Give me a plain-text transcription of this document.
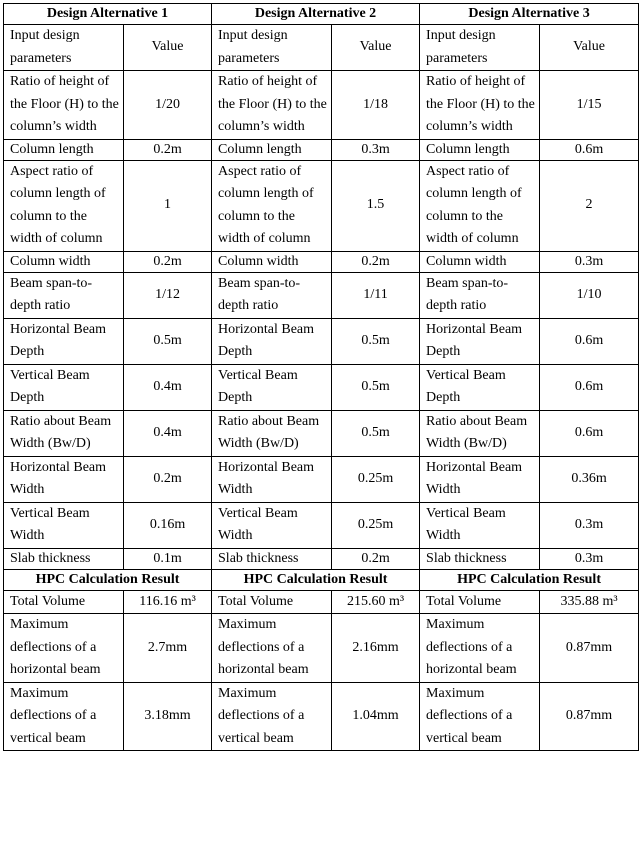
Design Alternative 1		Design Alternative 2		Design Alternative 3	
Input design parameters	Value	Input design parameters	Value	Input design parameters	Value
Ratio of height of the Floor (H) to the column’s width	1/20	Ratio of height of the Floor (H) to the column’s width	1/18	Ratio of height of the Floor (H) to the column’s width	1/15
Column length	0.2m	Column length	0.3m	Column length	0.6m
Aspect ratio of column length of column to the width of column	1	Aspect ratio of column length of column to the width of column	1.5	Aspect ratio of column length of column to the width of column	2
Column width	0.2m	Column width	0.2m	Column width	0.3m
Beam span-to-depth ratio	1/12	Beam span-to-depth ratio	1/11	Beam span-to-depth ratio	1/10
Horizontal Beam Depth	0.5m	Horizontal Beam Depth	0.5m	Horizontal Beam Depth	0.6m
Vertical Beam Depth	0.4m	Vertical Beam Depth	0.5m	Vertical Beam Depth	0.6m
Ratio about Beam Width (Bw/D)	0.4m	Ratio about Beam Width (Bw/D)	0.5m	Ratio about Beam Width (Bw/D)	0.6m
Horizontal Beam Width	0.2m	Horizontal Beam Width	0.25m	Horizontal Beam Width	0.36m
Vertical Beam Width	0.16m	Vertical Beam Width	0.25m	Vertical Beam Width	0.3m
Slab thickness	0.1m	Slab thickness	0.2m	Slab thickness	0.3m
HPC Calculation Result		HPC Calculation Result		HPC Calculation Result	
Total Volume	116.16 m³	Total Volume	215.60 m³	Total Volume	335.88 m³
Maximum deflections of a horizontal beam	2.7mm	Maximum deflections of a horizontal beam	2.16mm	Maximum deflections of a horizontal beam	0.87mm
Maximum deflections of a vertical beam	3.18mm	Maximum deflections of a vertical beam	1.04mm	Maximum deflections of a vertical beam	0.87mm
